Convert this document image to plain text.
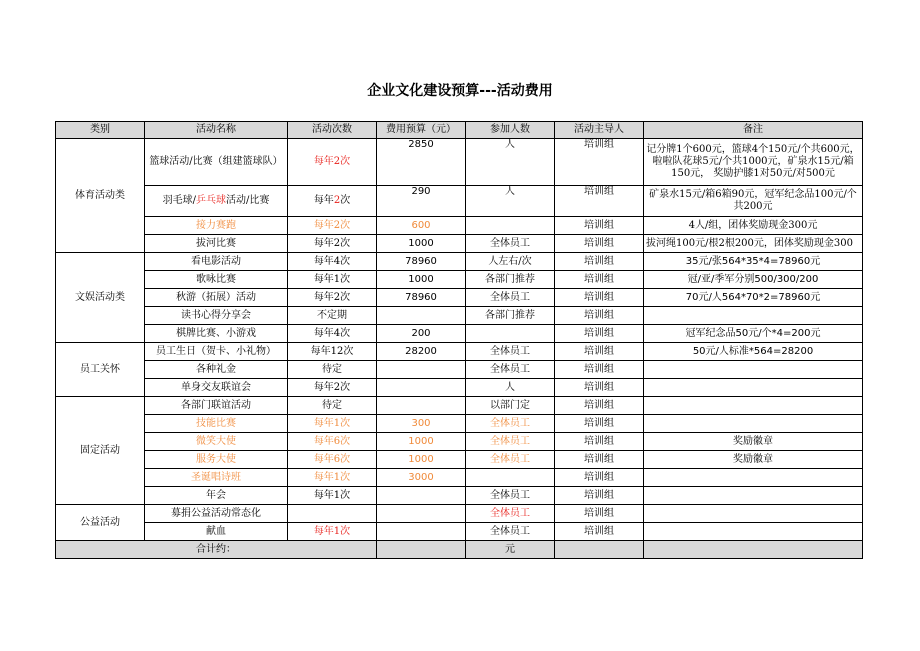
企业文化建设预算---活动费用
类别	活动名称	活动次数	费用预算（元）	参加人数	活动主导人	备注
体育活动类	篮球活动/比赛（组建篮球队）	每年2次	2850	人	培训组	记分牌1个600元，篮球4个150元/个共600元，啦啦队花球5元/个共1000元，矿泉水15元/箱150元， 奖励护膝1对50元/对500元
	羽毛球/乒乓球活动/比赛	每年2次	290	人	培训组	矿泉水15元/箱6箱90元，冠军纪念品100元/个共200元
	接力赛跑	每年2次	600		培训组	4人/组，团体奖励现金300元
	拔河比赛	每年2次	1000	全体员工	培训组	拔河绳100元/根2根200元，团体奖励现金300
文娱活动类	看电影活动	每年4次	78960	人左右/次	培训组	35元/张564*35*4=78960元
	歌咏比赛	每年1次	1000	各部门推荐	培训组	冠/亚/季军分别500/300/200
	秋游（拓展）活动	每年2次	78960	全体员工	培训组	70元/人564*70*2=78960元
	读书心得分享会	不定期		各部门推荐	培训组	
	棋牌比赛、小游戏	每年4次	200		培训组	冠军纪念品50元/个*4=200元
员工关怀	员工生日（贺卡、小礼物）	每年12次	28200	全体员工	培训组	50元/人标准*564=28200
	各种礼金	待定		全体员工	培训组	
	单身交友联谊会	每年2次		人	培训组	
固定活动	各部门联谊活动	待定		以部门定	培训组	
	技能比赛	每年1次	300	全体员工	培训组	
	微笑大使	每年6次	1000	全体员工	培训组	奖励徽章
	服务大使	每年6次	1000	全体员工	培训组	奖励徽章
	圣诞唱诗班	每年1次	3000		培训组	
	年会	每年1次		全体员工	培训组	
公益活动	募捐公益活动常态化			全体员工	培训组	
	献血	每年1次		全体员工	培训组	
合计约：				元		
